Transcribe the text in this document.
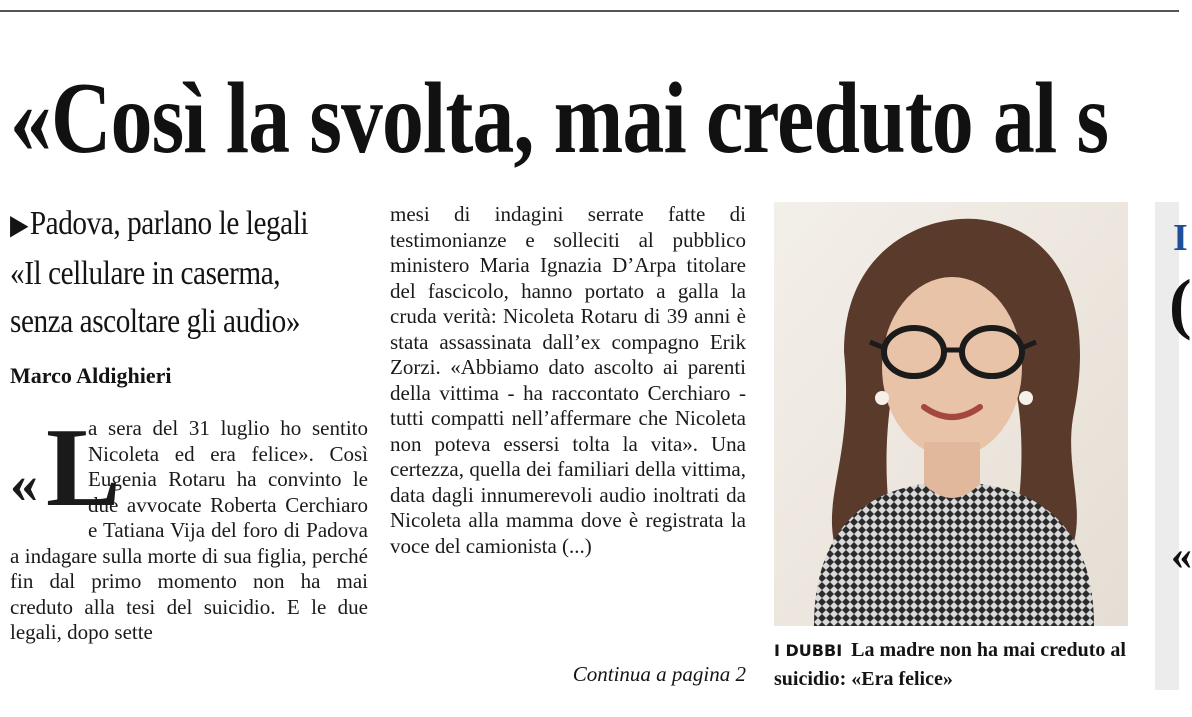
«Così la svolta, mai creduto al s
▶Padova, parlano le legali
«Il cellulare in caserma,
senza ascoltare gli audio»
Marco Aldighieri
« L
a sera del 31 luglio ho sentito Nicoleta ed era felice». Così Eugenia Rotaru ha convinto le due avvocate Roberta Cerchiaro e Tatiana Vija del foro di Padova a indagare sulla morte di sua figlia, perché fin dal primo momento non ha mai creduto alla tesi del suicidio. E le due legali, dopo sette
mesi di indagini serrate fatte di testimonianze e solleciti al pubblico ministero Maria Ignazia D’Arpa titolare del fascicolo, hanno portato a galla la cruda verità: Nicoleta Rotaru di 39 anni è stata assassinata dall’ex compagno Erik Zorzi. «Abbiamo dato ascolto ai parenti della vittima - ha raccontato Cerchiaro - tutti compatti nell’affermare che Nicoleta non poteva essersi tolta la vita». Una certezza, quella dei familiari della vittima, data dagli innumerevoli audio inoltrati da Nicoleta alla mamma dove è registrata la voce del camionista (...)
Continua a pagina 2
I DUBBI La madre non ha mai creduto al suicidio: «Era felice»
I
(
«
